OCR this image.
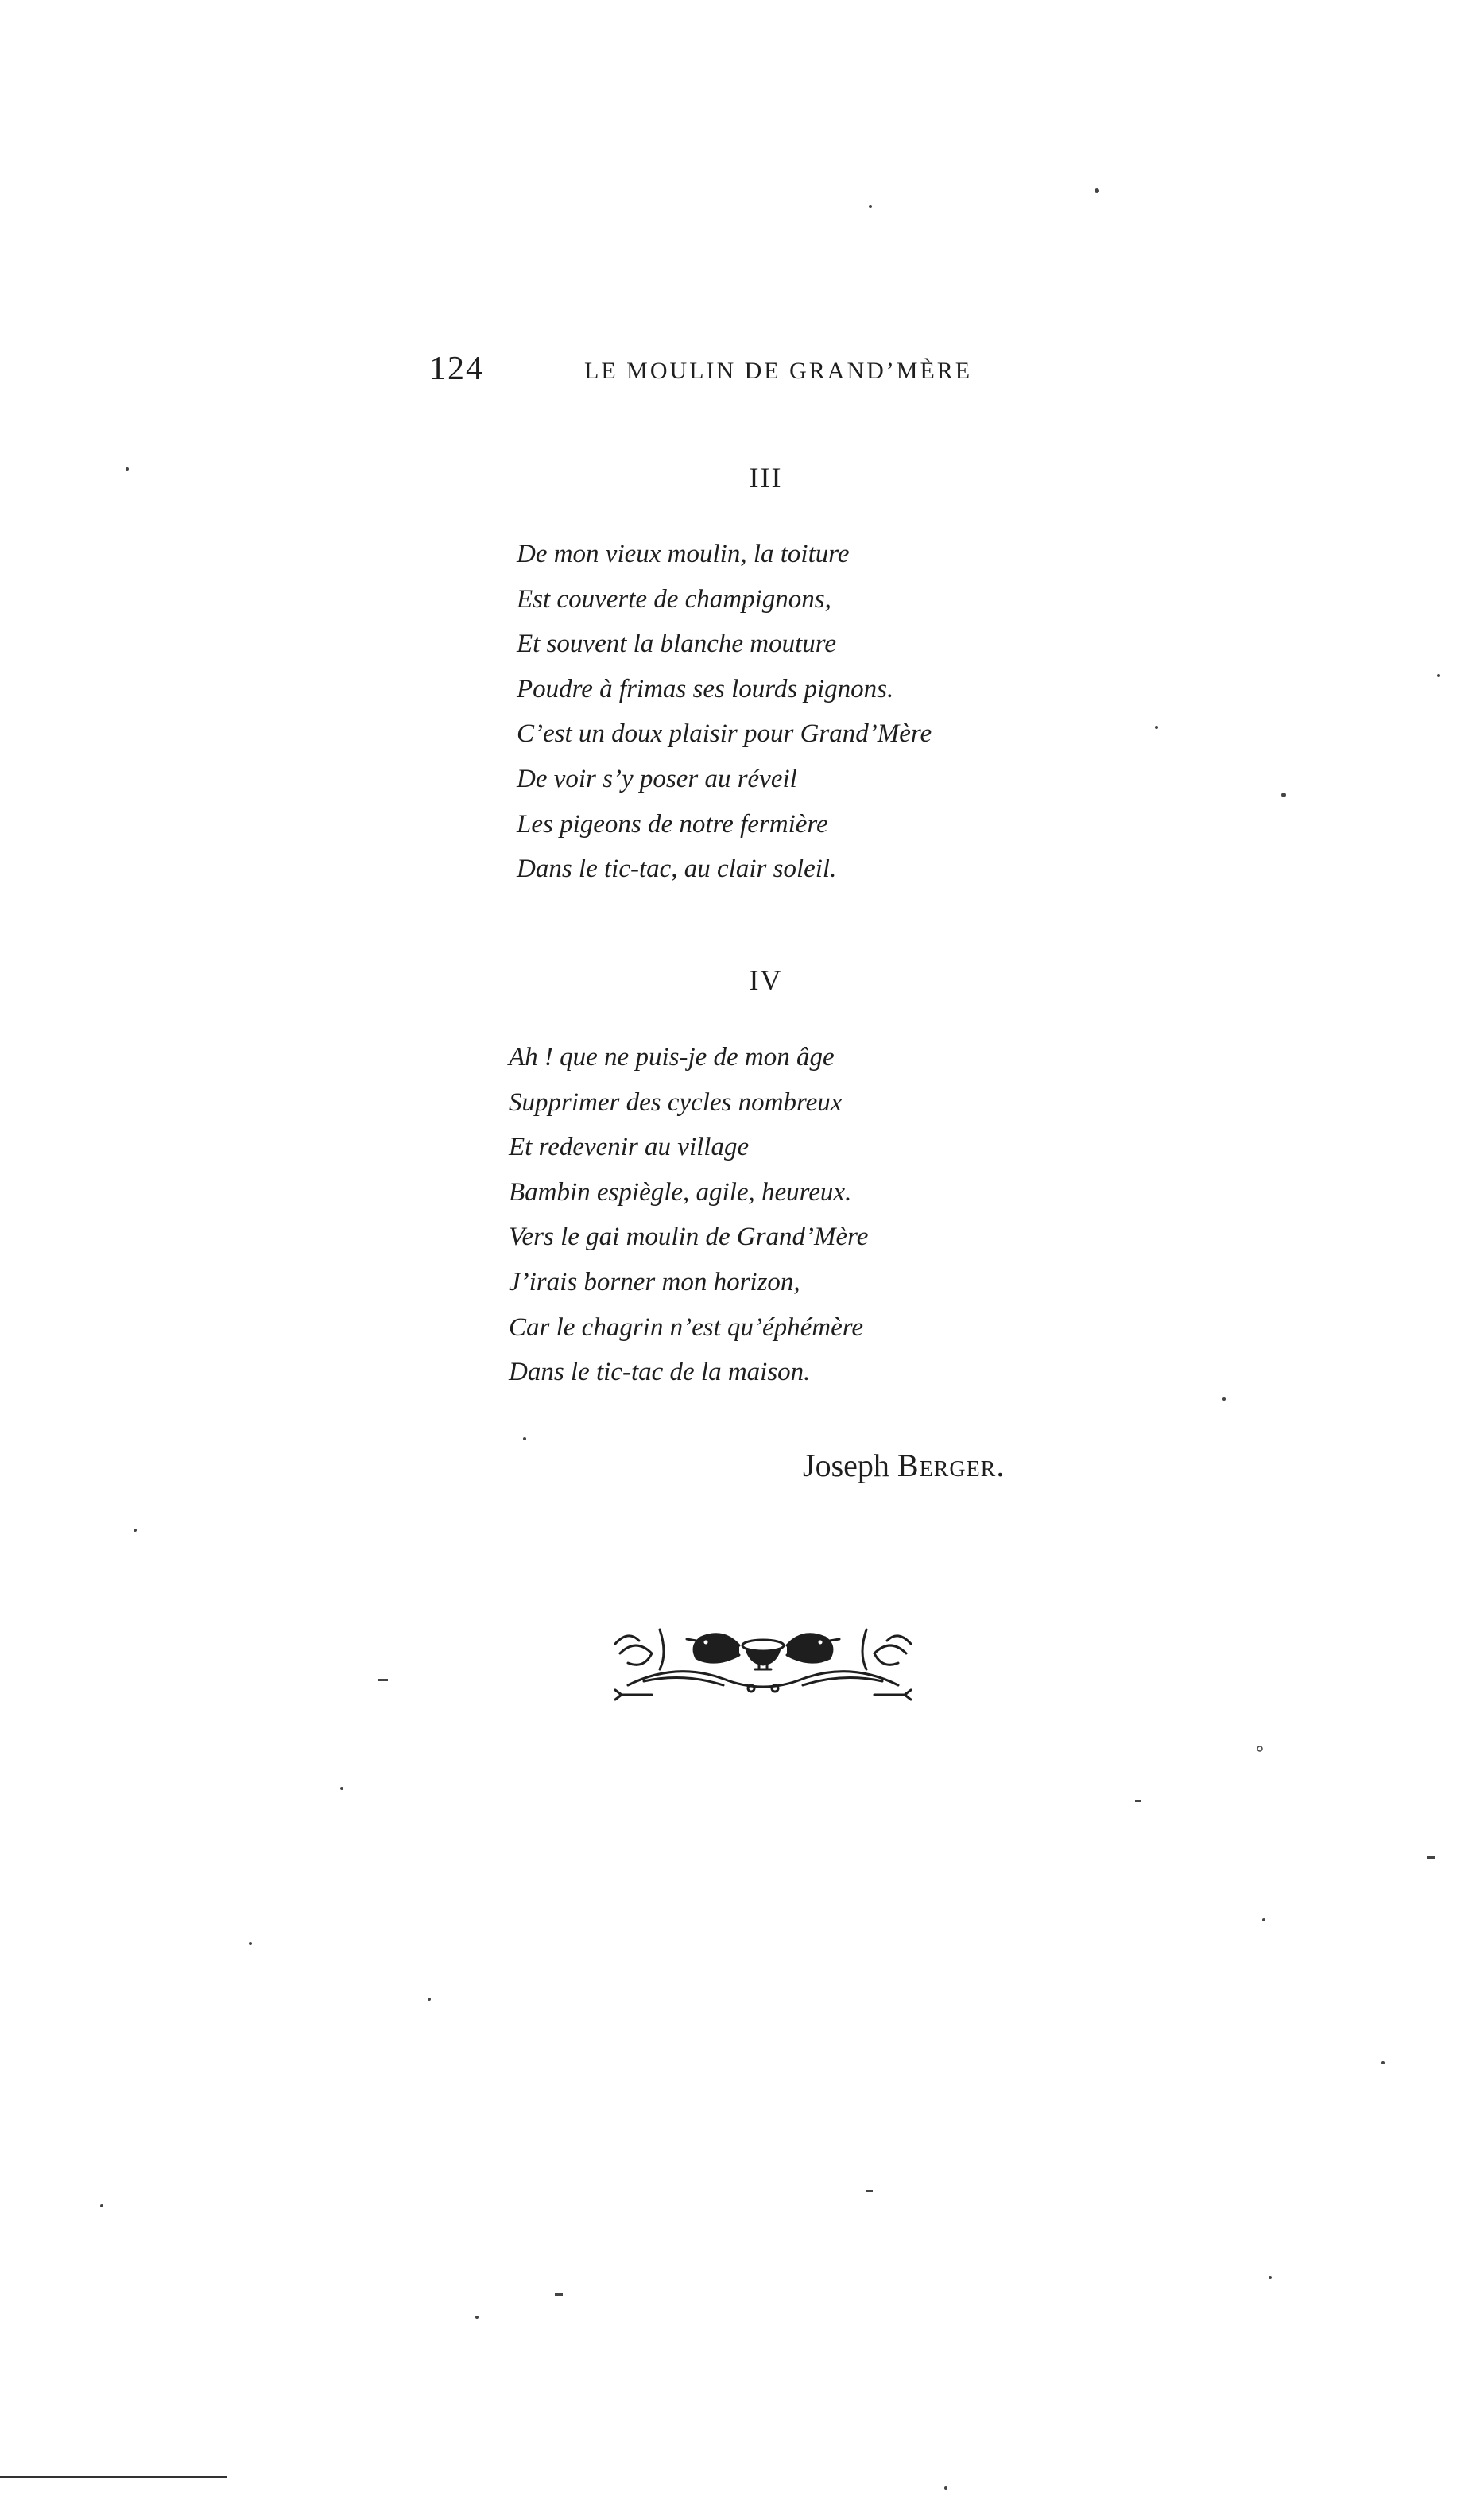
124	LE MOULIN DE GRAND’MÈRE
III
De mon vieux moulin, la toiture
Est couverte de champignons,
Et souvent la blanche mouture
Poudre à frimas ses lourds pignons.
C’est un doux plaisir pour Grand’Mère
De voir s’y poser au réveil
Les pigeons de notre fermière
Dans le tic-tac, au clair soleil.
IV
Ah ! que ne puis-je de mon âge
Supprimer des cycles nombreux
Et redevenir au village
Bambin espiègle, agile, heureux.
Vers le gai moulin de Grand’Mère
J’irais borner mon horizon,
Car le chagrin n’est qu’éphémère
Dans le tic-tac de la maison.
Joseph Berger.
